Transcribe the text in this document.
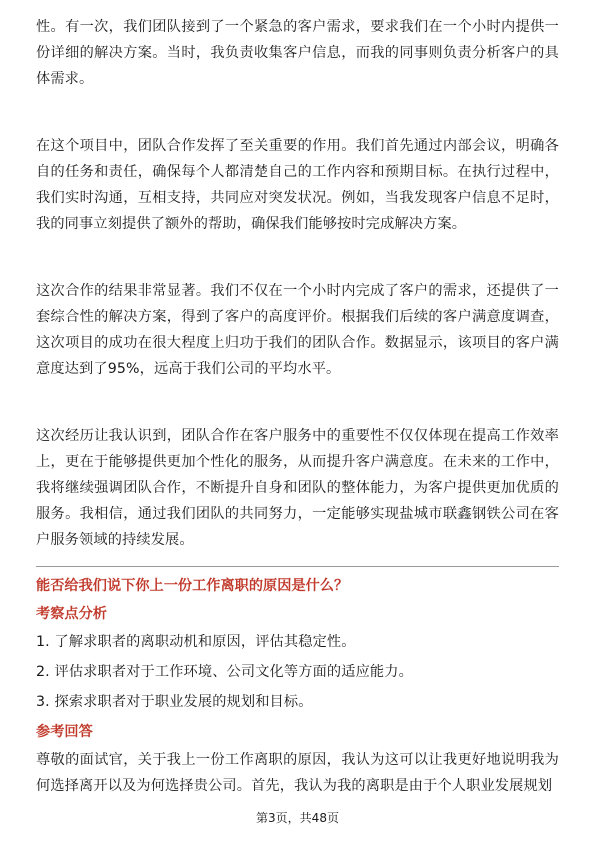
性。有一次，我们团队接到了一个紧急的客户需求，要求我们在一个小时内提供一份详细的解决方案。当时，我负责收集客户信息，而我的同事则负责分析客户的具体需求。

在这个项目中，团队合作发挥了至关重要的作用。我们首先通过内部会议，明确各自的任务和责任，确保每个人都清楚自己的工作内容和预期目标。在执行过程中，我们实时沟通，互相支持，共同应对突发状况。例如，当我发现客户信息不足时，我的同事立刻提供了额外的帮助，确保我们能够按时完成解决方案。

这次合作的结果非常显著。我们不仅在一个小时内完成了客户的需求，还提供了一套综合性的解决方案，得到了客户的高度评价。根据我们后续的客户满意度调查，这次项目的成功在很大程度上归功于我们的团队合作。数据显示，该项目的客户满意度达到了95%，远高于我们公司的平均水平。

这次经历让我认识到，团队合作在客户服务中的重要性不仅仅体现在提高工作效率上，更在于能够提供更加个性化的服务，从而提升客户满意度。在未来的工作中，我将继续强调团队合作，不断提升自身和团队的整体能力，为客户提供更加优质的服务。我相信，通过我们团队的共同努力，一定能够实现盐城市联鑫钢铁公司在客户服务领域的持续发展。

能否给我们说下你上一份工作离职的原因是什么？

考察点分析

1. 了解求职者的离职动机和原因，评估其稳定性。
2. 评估求职者对于工作环境、公司文化等方面的适应能力。
3. 探索求职者对于职业发展的规划和目标。

参考回答

尊敬的面试官，关于我上一份工作离职的原因，我认为这可以让我更好地说明我为何选择离开以及为何选择贵公司。首先，我认为我的离职是由于个人职业发展规划

第3页，共48页
